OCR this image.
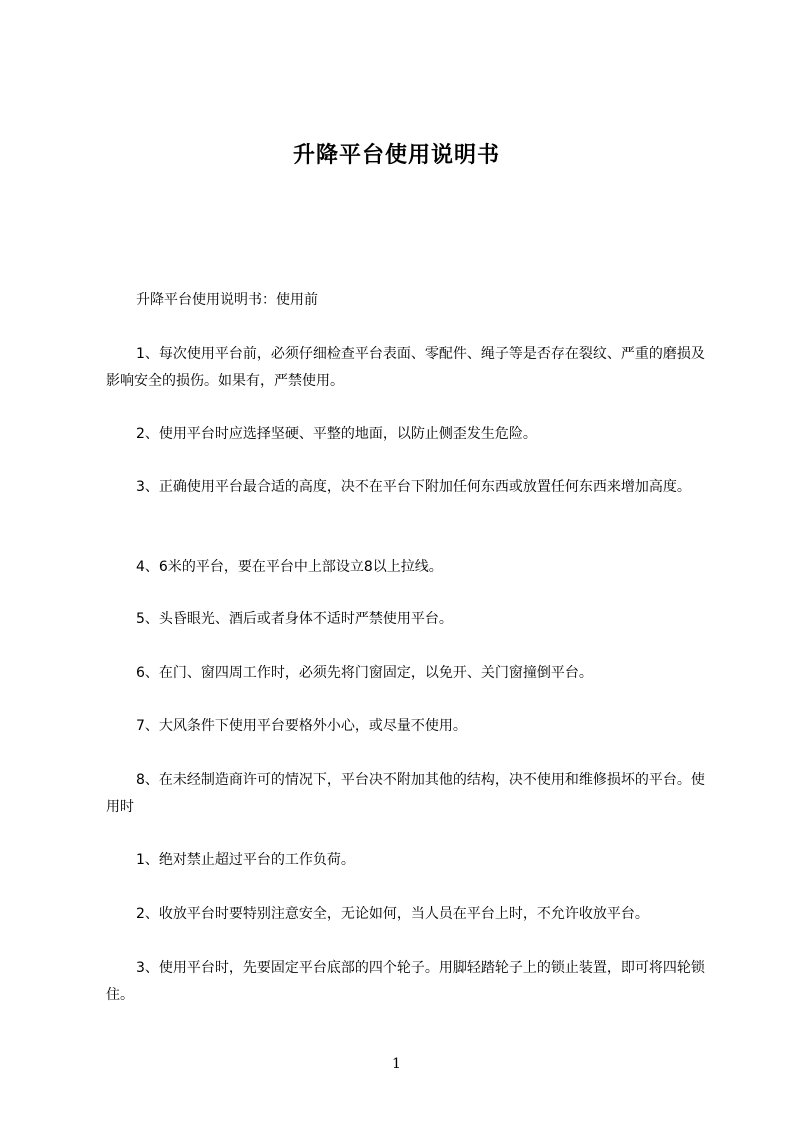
升降平台使用说明书

升降平台使用说明书：使用前

1、每次使用平台前，必须仔细检查平台表面、零配件、绳子等是否存在裂纹、严重的磨损及影响安全的损伤。如果有，严禁使用。

2、使用平台时应选择坚硬、平整的地面，以防止侧歪发生危险。

3、正确使用平台最合适的高度，决不在平台下附加任何东西或放置任何东西来增加高度。

4、6米的平台，要在平台中上部设立8以上拉线。

5、头昏眼光、酒后或者身体不适时严禁使用平台。

6、在门、窗四周工作时，必须先将门窗固定，以免开、关门窗撞倒平台。

7、大风条件下使用平台要格外小心，或尽量不使用。

8、在未经制造商许可的情况下，平台决不附加其他的结构，决不使用和维修损坏的平台。使用时

1、绝对禁止超过平台的工作负荷。

2、收放平台时要特别注意安全，无论如何，当人员在平台上时，不允许收放平台。

3、使用平台时，先要固定平台底部的四个轮子。用脚轻踏轮子上的锁止装置，即可将四轮锁住。

1
